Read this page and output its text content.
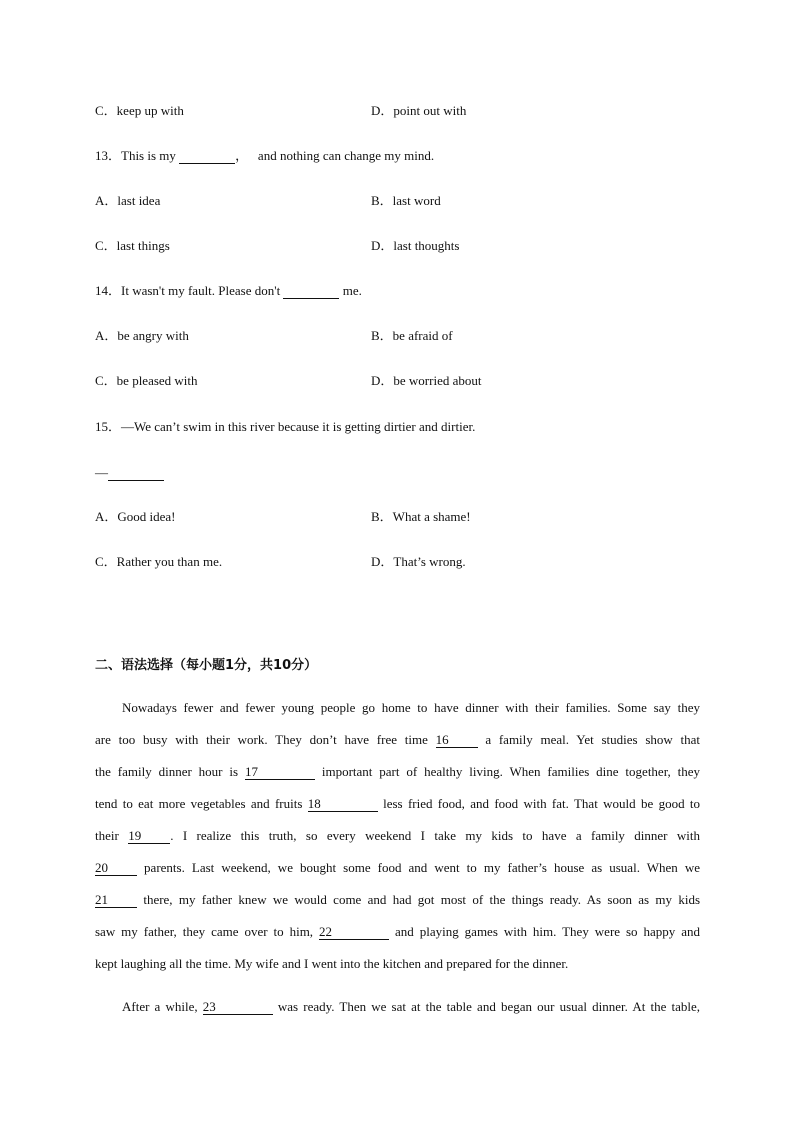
C．keep up with	D．point out with
13．This is my	， and nothing can change my mind.
A．last idea	B．last word
C．last things	D．last thoughts
14．It wasn't my fault. Please don't	me.
A．be angry with	B．be afraid of
C．be pleased with	D．be worried about
15．—We can’t swim in this river because it is getting dirtier and dirtier.
—
A．Good idea!	B．What a shame!
C．Rather you than me.	D．That’s wrong.
二、语法选择（每小题1分，共10分）
Nowadays fewer and fewer young people go home to have dinner with their families. Some say they
are too busy with their work. They don’t have free time 16	a family meal. Yet studies show that
the family dinner hour is 17	important part of healthy living. When families dine together, they
tend to eat more vegetables and fruits 18	less fried food, and food with fat. That would be good to
their 19 . I realize this truth, so every weekend I take my kids to have a family dinner with
20	parents. Last weekend, we bought some food and went to my father’s house as usual. When we
21	there, my father knew we would come and had got most of the things ready. As soon as my kids
saw my father, they came over to him, 22	and playing games with him. They were so happy and
kept laughing all the time. My wife and I went into the kitchen and prepared for the dinner.
After a while, 23	was ready. Then we sat at the table and began our usual dinner. At the table,
